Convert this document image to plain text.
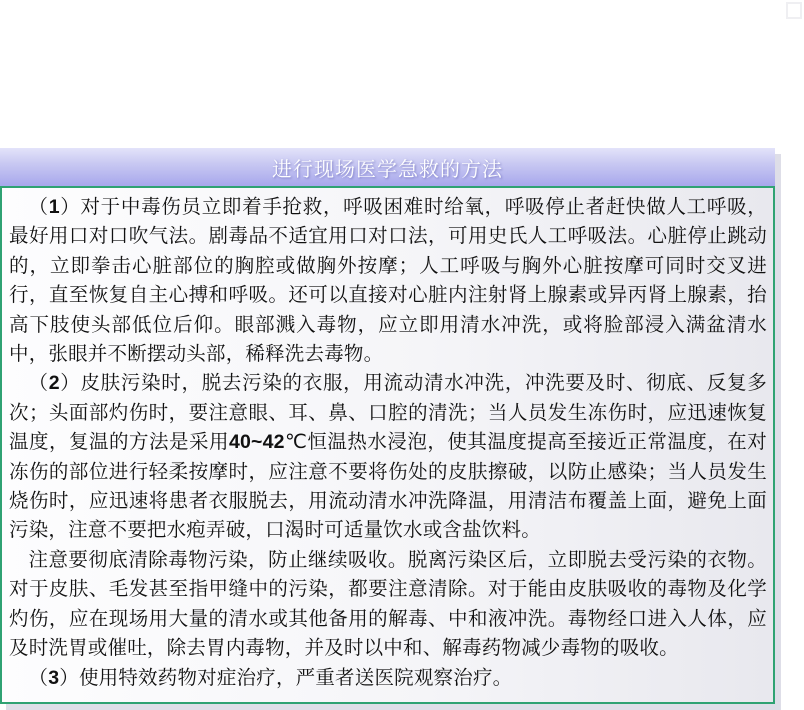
进行现场医学急救的方法

（1）对于中毒伤员立即着手抢救，呼吸困难时给氧，呼吸停止者赶快做人工呼吸，最好用口对口吹气法。剧毒品不适宜用口对口法，可用史氏人工呼吸法。心脏停止跳动的，立即拳击心脏部位的胸腔或做胸外按摩；人工呼吸与胸外心脏按摩可同时交叉进行，直至恢复自主心搏和呼吸。还可以直接对心脏内注射肾上腺素或异丙肾上腺素，抬高下肢使头部低位后仰。眼部溅入毒物，应立即用清水冲洗，或将脸部浸入满盆清水中，张眼并不断摆动头部，稀释洗去毒物。

（2）皮肤污染时，脱去污染的衣服，用流动清水冲洗，冲洗要及时、彻底、反复多次；头面部灼伤时，要注意眼、耳、鼻、口腔的清洗；当人员发生冻伤时，应迅速恢复温度，复温的方法是采用40~42℃恒温热水浸泡，使其温度提高至接近正常温度，在对冻伤的部位进行轻柔按摩时，应注意不要将伤处的皮肤擦破，以防止感染；当人员发生烧伤时，应迅速将患者衣服脱去，用流动清水冲洗降温，用清洁布覆盖上面，避免上面污染，注意不要把水疱弄破，口渴时可适量饮水或含盐饮料。

注意要彻底清除毒物污染，防止继续吸收。脱离污染区后，立即脱去受污染的衣物。对于皮肤、毛发甚至指甲缝中的污染，都要注意清除。对于能由皮肤吸收的毒物及化学灼伤，应在现场用大量的清水或其他备用的解毒、中和液冲洗。毒物经口进入人体，应及时洗胃或催吐，除去胃内毒物，并及时以中和、解毒药物减少毒物的吸收。

（3）使用特效药物对症治疗，严重者送医院观察治疗。
